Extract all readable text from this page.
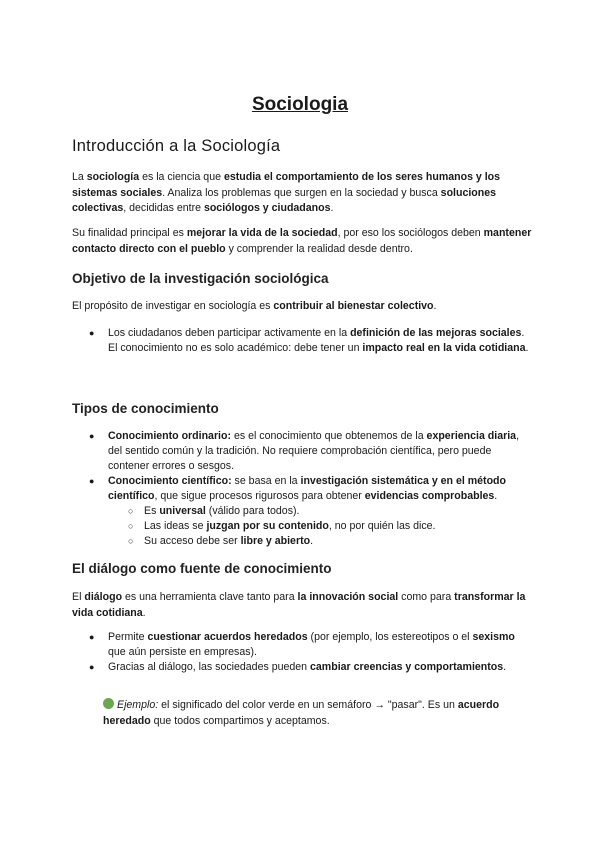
Sociologia
Introducción a la Sociología

La sociología es la ciencia que estudia el comportamiento de los seres humanos y los sistemas sociales. Analiza los problemas que surgen en la sociedad y busca soluciones colectivas, decididas entre sociólogos y ciudadanos.

Su finalidad principal es mejorar la vida de la sociedad, por eso los sociólogos deben mantener contacto directo con el pueblo y comprender la realidad desde dentro.

Objetivo de la investigación sociológica

El propósito de investigar en sociología es contribuir al bienestar colectivo.

● Los ciudadanos deben participar activamente en la definición de las mejoras sociales.
El conocimiento no es solo académico: debe tener un impacto real en la vida cotidiana.
Tipos de conocimiento
● Conocimiento ordinario: es el conocimiento que obtenemos de la experiencia diaria, del sentido común y la tradición. No requiere comprobación científica, pero puede contener errores o sesgos.
● Conocimiento científico: se basa en la investigación sistemática y en el método científico, que sigue procesos rigurosos para obtener evidencias comprobables.
○ Es universal (válido para todos).
○ Las ideas se juzgan por su contenido, no por quién las dice.
○ Su acceso debe ser libre y abierto.
El diálogo como fuente de conocimiento

El diálogo es una herramienta clave tanto para la innovación social como para transformar la vida cotidiana.

● Permite cuestionar acuerdos heredados (por ejemplo, los estereotipos o el sexismo que aún persiste en empresas).
● Gracias al diálogo, las sociedades pueden cambiar creencias y comportamientos.

Ejemplo: el significado del color verde en un semáforo → "pasar". Es un acuerdo heredado que todos compartimos y aceptamos.
